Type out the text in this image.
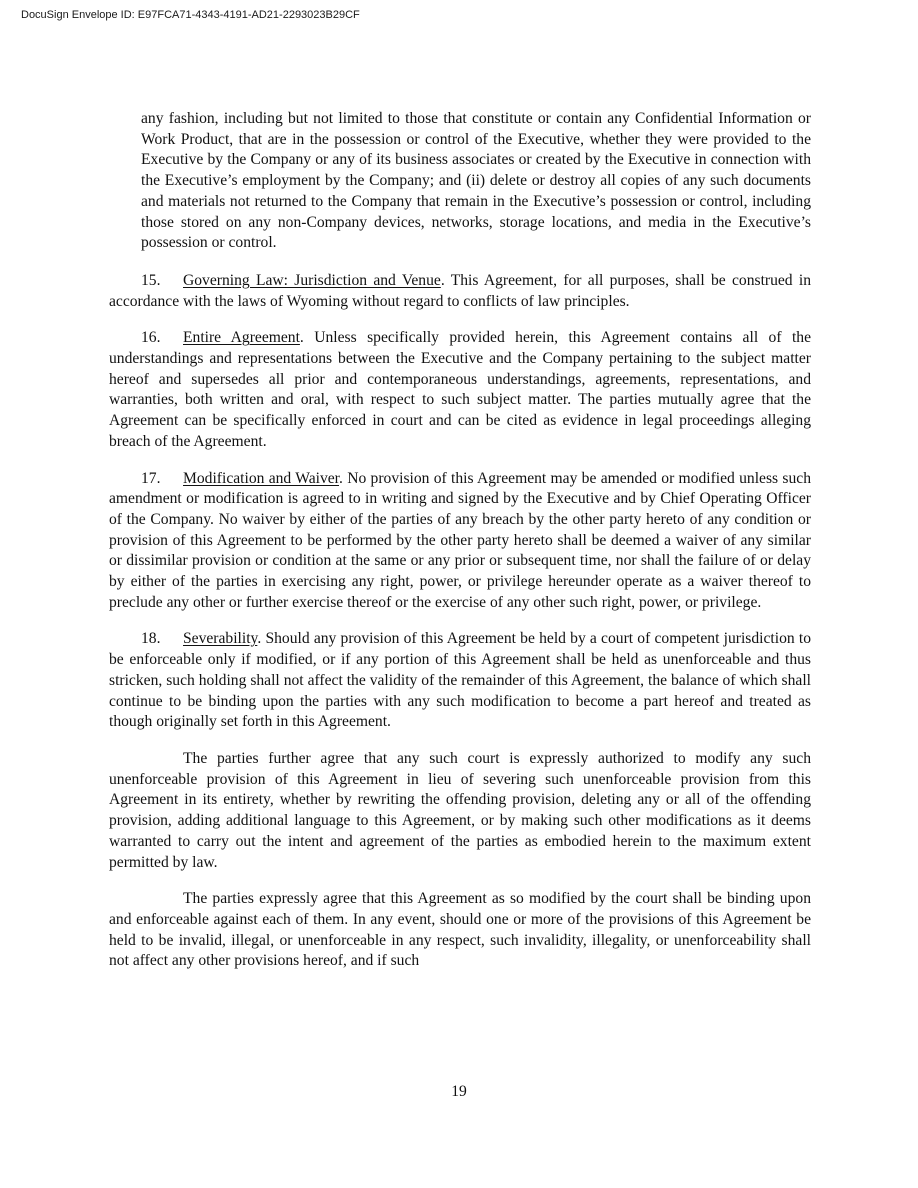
DocuSign Envelope ID: E97FCA71-4343-4191-AD21-2293023B29CF

any fashion, including but not limited to those that constitute or contain any Confidential Information or Work Product, that are in the possession or control of the Executive, whether they were provided to the Executive by the Company or any of its business associates or created by the Executive in connection with the Executive’s employment by the Company; and (ii) delete or destroy all copies of any such documents and materials not returned to the Company that remain in the Executive’s possession or control, including those stored on any non-Company devices, networks, storage locations, and media in the Executive’s possession or control.

15. Governing Law: Jurisdiction and Venue. This Agreement, for all purposes, shall be construed in accordance with the laws of Wyoming without regard to conflicts of law principles.

16. Entire Agreement. Unless specifically provided herein, this Agreement contains all of the understandings and representations between the Executive and the Company pertaining to the subject matter hereof and supersedes all prior and contemporaneous understandings, agreements, representations, and warranties, both written and oral, with respect to such subject matter. The parties mutually agree that the Agreement can be specifically enforced in court and can be cited as evidence in legal proceedings alleging breach of the Agreement.

17. Modification and Waiver. No provision of this Agreement may be amended or modified unless such amendment or modification is agreed to in writing and signed by the Executive and by Chief Operating Officer of the Company. No waiver by either of the parties of any breach by the other party hereto of any condition or provision of this Agreement to be performed by the other party hereto shall be deemed a waiver of any similar or dissimilar provision or condition at the same or any prior or subsequent time, nor shall the failure of or delay by either of the parties in exercising any right, power, or privilege hereunder operate as a waiver thereof to preclude any other or further exercise thereof or the exercise of any other such right, power, or privilege.

18. Severability. Should any provision of this Agreement be held by a court of competent jurisdiction to be enforceable only if modified, or if any portion of this Agreement shall be held as unenforceable and thus stricken, such holding shall not affect the validity of the remainder of this Agreement, the balance of which shall continue to be binding upon the parties with any such modification to become a part hereof and treated as though originally set forth in this Agreement.

The parties further agree that any such court is expressly authorized to modify any such unenforceable provision of this Agreement in lieu of severing such unenforceable provision from this Agreement in its entirety, whether by rewriting the offending provision, deleting any or all of the offending provision, adding additional language to this Agreement, or by making such other modifications as it deems warranted to carry out the intent and agreement of the parties as embodied herein to the maximum extent permitted by law.

The parties expressly agree that this Agreement as so modified by the court shall be binding upon and enforceable against each of them. In any event, should one or more of the provisions of this Agreement be held to be invalid, illegal, or unenforceable in any respect, such invalidity, illegality, or unenforceability shall not affect any other provisions hereof, and if such

19
